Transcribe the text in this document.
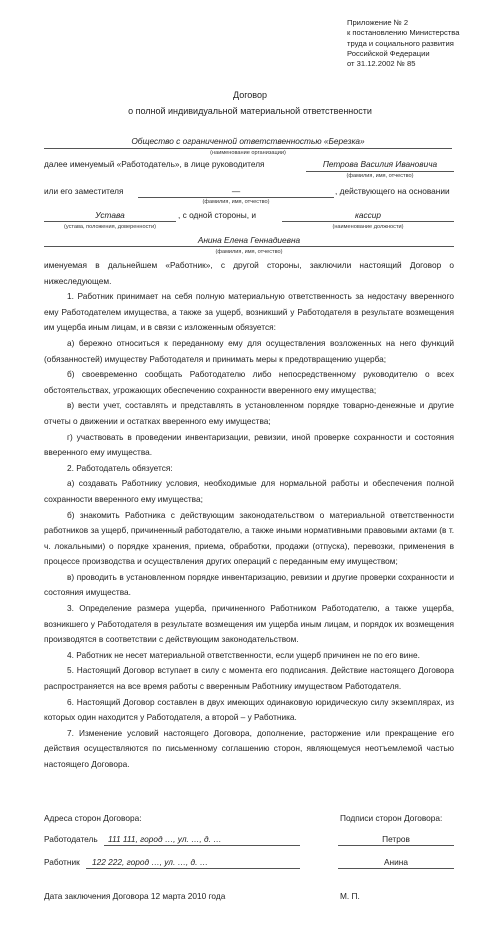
Приложение № 2
к постановлению Министерства
труда и социального развития
Российской Федерации
от 31.12.2002 № 85
Договор
о полной индивидуальной материальной ответственности
Общество с ограниченной ответственностью «Березка»
(наименование организации)
далее именуемый «Работодатель», в лице руководителя	Петрова Василия Ивановича
(фамилия, имя, отчество)
или его заместителя	—
(фамилия, имя, отчество)
, действующего на основании
Устава
(устава, положения, доверенности)
, с одной стороны, и	кассир
(наименование должности)
Анина Елена Геннадиевна
(фамилия, имя, отчество)

именуемая в дальнейшем «Работник», с другой стороны, заключили настоящий Договор о нижеследующем.

1. Работник принимает на себя полную материальную ответственность за недостачу вверенного ему Работодателем имущества, а также за ущерб, возникший у Работодателя в результате возмещения им ущерба иным лицам, и в связи с изложенным обязуется:

а) бережно относиться к переданному ему для осуществления возложенных на него функций (обязанностей) имуществу Работодателя и принимать меры к предотвращению ущерба;

б) своевременно сообщать Работодателю либо непосредственному руководителю о всех обстоятельствах, угрожающих обеспечению сохранности вверенного ему имущества;

в) вести учет, составлять и представлять в установленном порядке товарно-денежные и другие отчеты о движении и остатках вверенного ему имущества;

г) участвовать в проведении инвентаризации, ревизии, иной проверке сохранности и состояния вверенного ему имущества.

2. Работодатель обязуется:

а) создавать Работнику условия, необходимые для нормальной работы и обеспечения полной сохранности вверенного ему имущества;

б) знакомить Работника с действующим законодательством о материальной ответственности работников за ущерб, причиненный работодателю, а также иными нормативными правовыми актами (в т. ч. локальными) о порядке хранения, приема, обработки, продажи (отпуска), перевозки, применения в процессе производства и осуществления других операций с переданным ему имуществом;

в) проводить в установленном порядке инвентаризацию, ревизии и другие проверки сохранности и состояния имущества.

3. Определение размера ущерба, причиненного Работником Работодателю, а также ущерба, возникшего у Работодателя в результате возмещения им ущерба иным лицам, и порядок их возмещения производятся в соответствии с действующим законодательством.

4. Работник не несет материальной ответственности, если ущерб причинен не по его вине.

5. Настоящий Договор вступает в силу с момента его подписания. Действие настоящего Договора распространяется на все время работы с вверенным Работнику имуществом Работодателя.

6. Настоящий Договор составлен в двух имеющих одинаковую юридическую силу экземплярах, из которых один находится у Работодателя, а второй – у Работника.

7. Изменение условий настоящего Договора, дополнение, расторжение или прекращение его действия осуществляются по письменному соглашению сторон, являющемуся неотъемлемой частью настоящего Договора.

Адреса сторон Договора:	Подписи сторон Договора:
Работодатель 111 111, город …, ул. …, д. …	Петров
Работник 122 222, город …, ул. …, д. …	Анина
Дата заключения Договора 12 марта 2010 года	М. П.
